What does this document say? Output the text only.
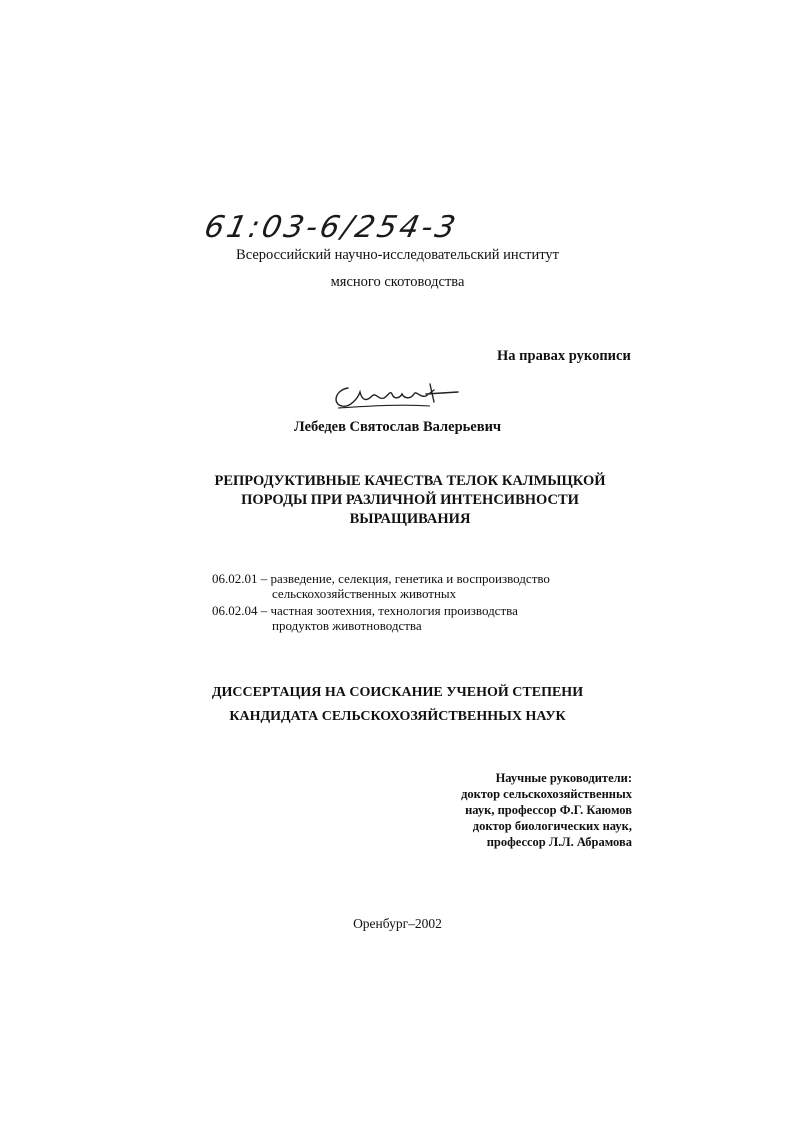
61:03-6/254-3
Всероссийский научно-исследовательский институт
мясного скотоводства
На правах рукописи
Лебедев Святослав Валерьевич
РЕПРОДУКТИВНЫЕ КАЧЕСТВА ТЕЛОК КАЛМЫЦКОЙ
ПОРОДЫ ПРИ РАЗЛИЧНОЙ ИНТЕНСИВНОСТИ
ВЫРАЩИВАНИЯ
06.02.01 – разведение, селекция, генетика и воспроизводство
сельскохозяйственных животных
06.02.04 – частная зоотехния, технология производства
продуктов животноводства
ДИССЕРТАЦИЯ НА СОИСКАНИЕ УЧЕНОЙ СТЕПЕНИ
КАНДИДАТА СЕЛЬСКОХОЗЯЙСТВЕННЫХ НАУК
Научные руководители:
доктор сельскохозяйственных
наук, профессор Ф.Г. Каюмов
доктор биологических наук,
профессор Л.Л. Абрамова
Оренбург–2002
